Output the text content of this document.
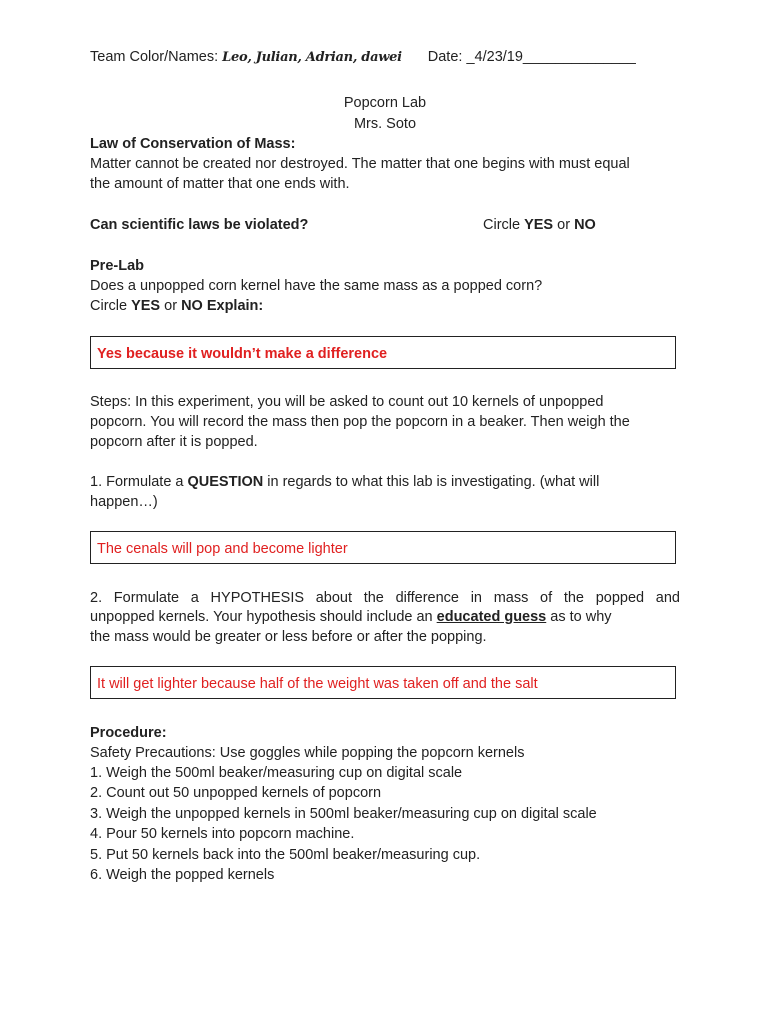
Team Color/Names: Leo, Julian, Adrian, dawei Date: _4/23/19______________
Popcorn Lab
Mrs. Soto
Law of Conservation of Mass:
Matter cannot be created nor destroyed. The matter that one begins with must equal
the amount of matter that one ends with.
Can scientific laws be violated?	Circle YES or NO
Pre-Lab
Does a unpopped corn kernel have the same mass as a popped corn?
Circle YES or NO Explain:
Yes because it wouldn’t make a difference
Steps: In this experiment, you will be asked to count out 10 kernels of unpopped
popcorn. You will record the mass then pop the popcorn in a beaker. Then weigh the
popcorn after it is popped.
1. Formulate a QUESTION in regards to what this lab is investigating. (what will
happen…)
The cenals will pop and become lighter
2. Formulate a HYPOTHESIS about the difference in mass of the popped and
unpopped kernels. Your hypothesis should include an educated guess as to why
the mass would be greater or less before or after the popping.
It will get lighter because half of the weight was taken off and the salt
Procedure:
Safety Precautions: Use goggles while popping the popcorn kernels
1. Weigh the 500ml beaker/measuring cup on digital scale
2. Count out 50 unpopped kernels of popcorn
3. Weigh the unpopped kernels in 500ml beaker/measuring cup on digital scale
4. Pour 50 kernels into popcorn machine.
5. Put 50 kernels back into the 500ml beaker/measuring cup.
6. Weigh the popped kernels
